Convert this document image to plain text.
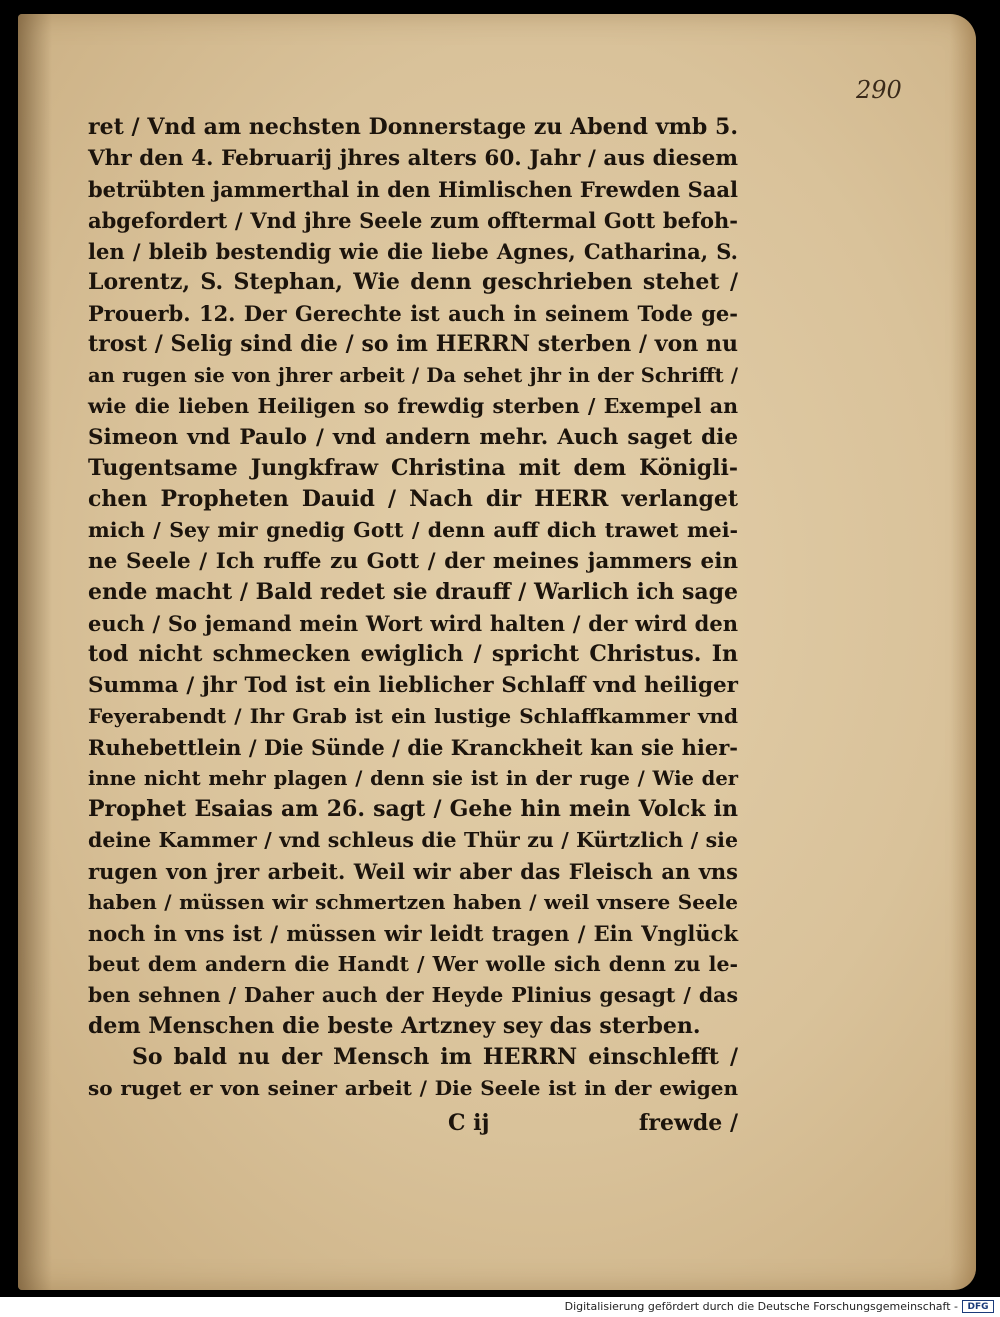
290
ret / Vnd am nechsten Donnerstage zu Abend vmb 5.
Vhr den 4. Februarij jhres alters 60. Jahr / aus diesem
betrübten jammerthal in den Himlischen Frewden Saal
abgefordert / Vnd jhre Seele zum offtermal Gott befoh-
len / bleib bestendig wie die liebe Agnes, Catharina, S.
Lorentz, S. Stephan, Wie denn geschrieben stehet /
Prouerb. 12. Der Gerechte ist auch in seinem Tode ge-
trost / Selig sind die / so im HERRN sterben / von nu
an rugen sie von jhrer arbeit / Da sehet jhr in der Schrifft /
wie die lieben Heiligen so frewdig sterben / Exempel an
Simeon vnd Paulo / vnd andern mehr. Auch saget die
Tugentsame Jungkfraw Christina mit dem Königli-
chen Propheten Dauid / Nach dir HERR verlanget
mich / Sey mir gnedig Gott / denn auff dich trawet mei-
ne Seele / Ich ruffe zu Gott / der meines jammers ein
ende macht / Bald redet sie drauff / Warlich ich sage
euch / So jemand mein Wort wird halten / der wird den
tod nicht schmecken ewiglich / spricht Christus. In
Summa / jhr Tod ist ein lieblicher Schlaff vnd heiliger
Feyerabendt / Ihr Grab ist ein lustige Schlaffkammer vnd
Ruhebettlein / Die Sünde / die Kranckheit kan sie hier-
inne nicht mehr plagen / denn sie ist in der ruge / Wie der
Prophet Esaias am 26. sagt / Gehe hin mein Volck in
deine Kammer / vnd schleus die Thür zu / Kürtzlich / sie
rugen von jrer arbeit. Weil wir aber das Fleisch an vns
haben / müssen wir schmertzen haben / weil vnsere Seele
noch in vns ist / müssen wir leidt tragen / Ein Vnglück
beut dem andern die Handt / Wer wolle sich denn zu le-
ben sehnen / Daher auch der Heyde Plinius gesagt / das
dem Menschen die beste Artzney sey das sterben.
So bald nu der Mensch im HERRN einschlefft /
so ruget er von seiner arbeit / Die Seele ist in der ewigen
C ij	frewde /
Digitalisierung gefördert durch die Deutsche Forschungsgemeinschaft -	DFG
